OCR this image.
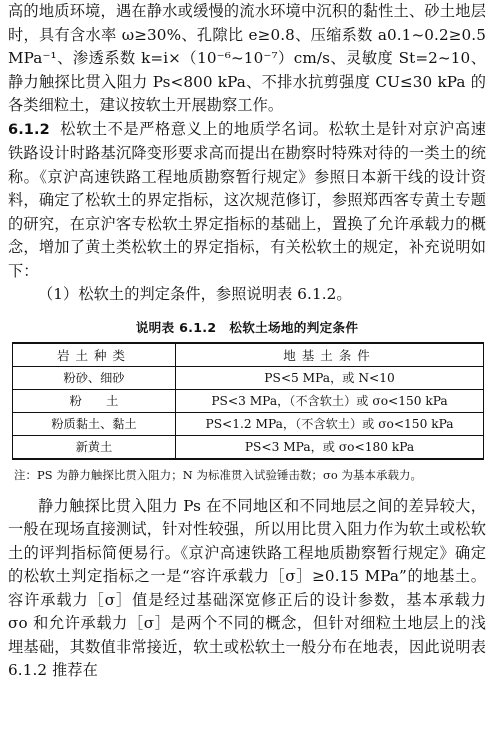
高的地质环境，遇在静水或缓慢的流水环境中沉积的黏性土、砂土地层时，具有含水率 ω≥30%、孔隙比 e≥0.8、压缩系数 a0.1~0.2≥0.5 MPa⁻¹、渗透系数 k=i×（10⁻⁶~10⁻⁷）cm/s、灵敏度 St=2~10、静力触探比贯入阻力 Ps<800 kPa、不排水抗剪强度 CU≤30 kPa 的各类细粒土，建议按软土开展勘察工作。

6.1.2 松软土不是严格意义上的地质学名词。松软土是针对京沪高速铁路设计时路基沉降变形要求高而提出在勘察时特殊对待的一类土的统称。《京沪高速铁路工程地质勘察暂行规定》参照日本新干线的设计资料，确定了松软土的界定指标，这次规范修订，参照郑西客专黄土专题的研究，在京沪客专松软土界定指标的基础上，置换了允许承载力的概念，增加了黄土类松软土的界定指标，有关松软土的规定，补充说明如下：

（1）松软土的判定条件，参照说明表 6.1.2。

说明表 6.1.2　松软土场地的判定条件
岩土种类	地基土条件
粉砂、细砂	PS<5 MPa，或 N<10
粉　　土	PS<3 MPa，（不含软土）或 σo<150 kPa
粉质黏土、黏土	PS<1.2 MPa，（不含软土）或 σo<150 kPa
新黄土	PS<3 MPa，或 σo<180 kPa
注：PS 为静力触探比贯入阻力；N 为标准贯入试验锤击数；σo 为基本承载力。

静力触探比贯入阻力 Ps 在不同地区和不同地层之间的差异较大，一般在现场直接测试，针对性较强，所以用比贯入阻力作为软土或松软土的评判指标简便易行。《京沪高速铁路工程地质勘察暂行规定》确定的松软土判定指标之一是“容许承载力［σ］≥0.15 MPa”的地基土。容许承载力［σ］值是经过基础深宽修正后的设计参数，基本承载力 σo 和允许承载力［σ］是两个不同的概念，但针对细粒土地层上的浅埋基础，其数值非常接近，软土或松软土一般分布在地表，因此说明表 6.1.2 推荐在
